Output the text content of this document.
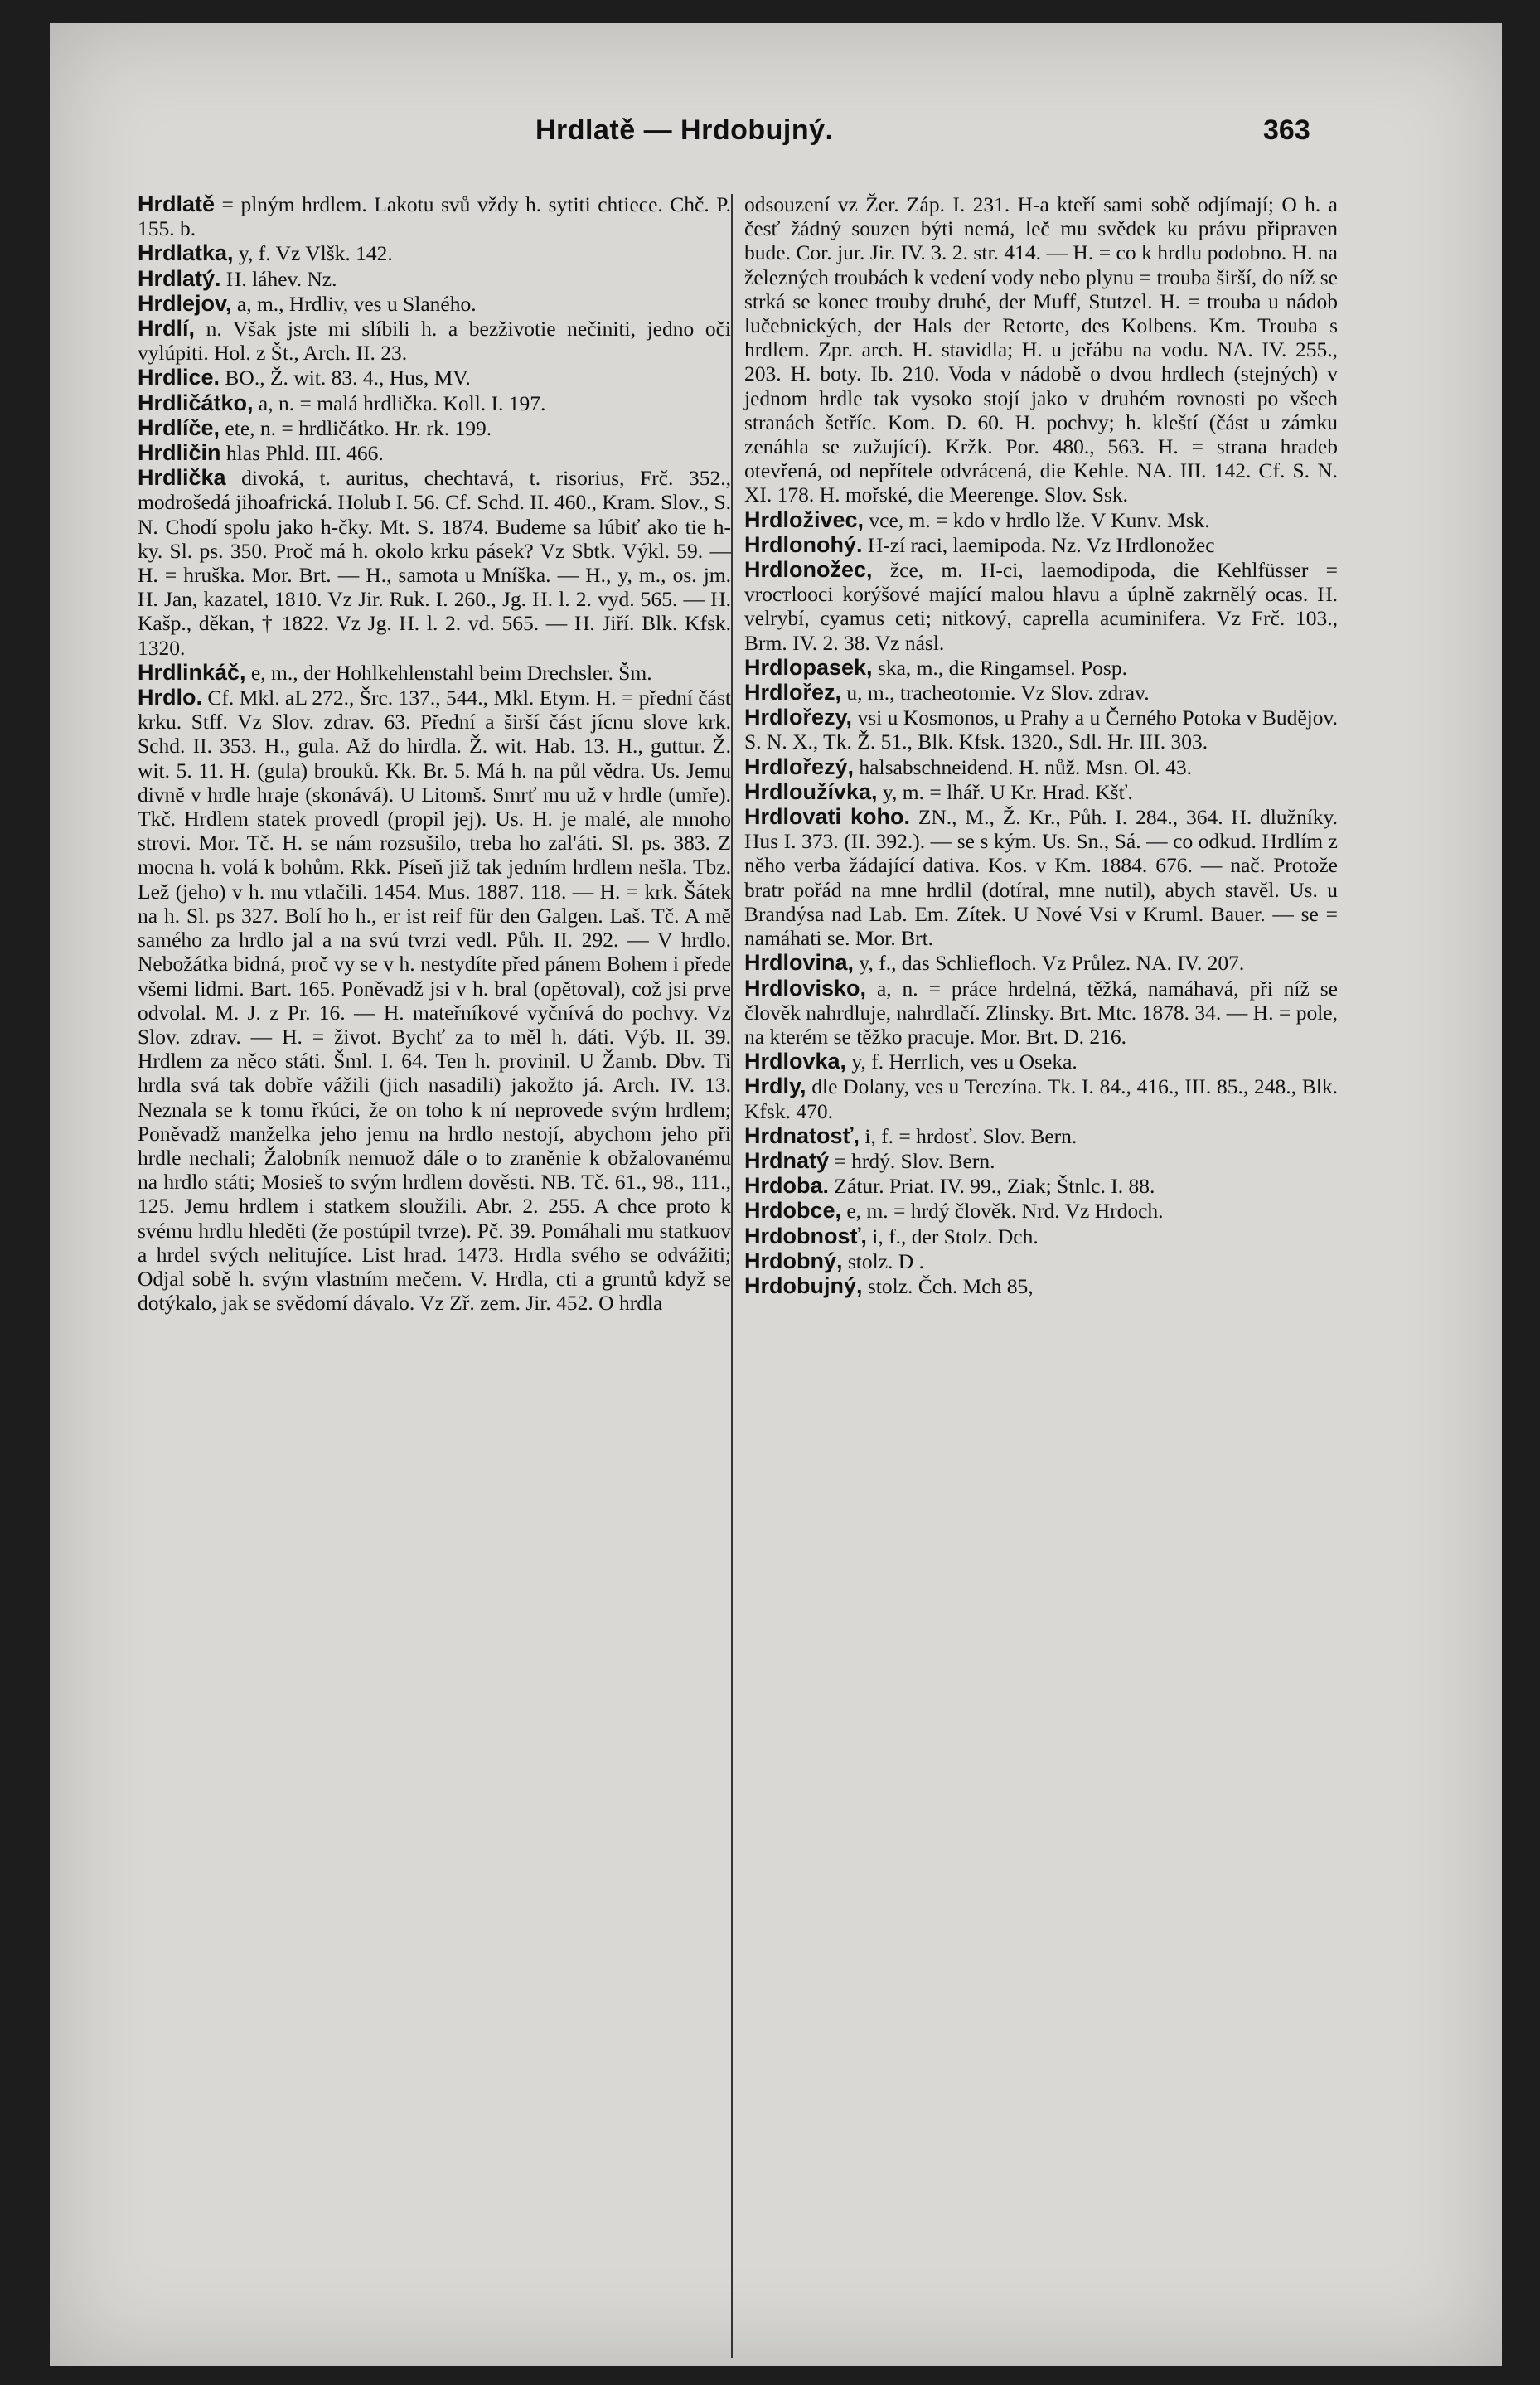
Hrdlatě — Hrdobujný.	363

Hrdlatě = plným hrdlem. Lakotu svů vždy h. sytiti chtiece. Chč. P. 155. b.

Hrdlatka, y, f. Vz Vlšk. 142.

Hrdlatý. H. láhev. Nz.

Hrdlejov, a, m., Hrdliv, ves u Slaného.

Hrdlí, n. Však jste mi slíbili h. a bezživotie nečiniti, jedno oči vylúpiti. Hol. z Št., Arch. II. 23.

Hrdlice. BO., Ž. wit. 83. 4., Hus, MV.

Hrdličátko, a, n. = malá hrdlička. Koll. I. 197.

Hrdlíče, ete, n. = hrdličátko. Hr. rk. 199.

Hrdličin hlas Phld. III. 466.

Hrdlička divoká, t. auritus, chechtavá, t. risorius, Frč. 352., modrošedá jihoafrická. Holub I. 56. Cf. Schd. II. 460., Kram. Slov., S. N. Chodí spolu jako h-čky. Mt. S. 1874. Budeme sa lúbiť ako tie h-ky. Sl. ps. 350. Proč má h. okolo krku pásek? Vz Sbtk. Výkl. 59. — H. = hruška. Mor. Brt. — H., samota u Mníška. — H., y, m., os. jm. H. Jan, kazatel, 1810. Vz Jir. Ruk. I. 260., Jg. H. l. 2. vyd. 565. — H. Kašp., děkan, † 1822. Vz Jg. H. l. 2. vd. 565. — H. Jiří. Blk. Kfsk. 1320.

Hrdlinkáč, e, m., der Hohlkehlenstahl beim Drechsler. Šm.

Hrdlo. Cf. Mkl. aL 272., Šrc. 137., 544., Mkl. Etym. H. = přední část krku. Stff. Vz Slov. zdrav. 63. Přední a širší část jícnu slove krk. Schd. II. 353. H., gula. Až do hirdla. Ž. wit. Hab. 13. H., guttur. Ž. wit. 5. 11. H. (gula) brouků. Kk. Br. 5. Má h. na půl vědra. Us. Jemu divně v hrdle hraje (skonává). U Litomš. Smrť mu už v hrdle (umře). Tkč. Hrdlem statek provedl (propil jej). Us. H. je malé, ale mnoho strovi. Mor. Tč. H. se nám rozsušilo, treba ho zal'áti. Sl. ps. 383. Z mocna h. volá k bohům. Rkk. Píseň již tak jedním hrdlem nešla. Tbz. Lež (jeho) v h. mu vtlačili. 1454. Mus. 1887. 118. — H. = krk. Šátek na h. Sl. ps 327. Bolí ho h., er ist reif für den Galgen. Laš. Tč. A mě samého za hrdlo jal a na svú tvrzi vedl. Půh. II. 292. — V hrdlo. Nebožátka bidná, proč vy se v h. nestydíte před pánem Bohem i přede všemi lidmi. Bart. 165. Poněvadž jsi v h. bral (opětoval), což jsi prve odvolal. M. J. z Pr. 16. — H. mateřníkové vyčnívá do pochvy. Vz Slov. zdrav. — H. = život. Bychť za to měl h. dáti. Výb. II. 39. Hrdlem za něco státi. Šml. I. 64. Ten h. provinil. U Žamb. Dbv. Ti hrdla svá tak dobře vážili (jich nasadili) jakožto já. Arch. IV. 13. Neznala se k tomu řkúci, že on toho k ní neprovede svým hrdlem; Poněvadž manželka jeho jemu na hrdlo nestojí, abychom jeho při hrdle nechali; Žalobník nemuož dále o to zraněnie k obžalovanému na hrdlo státi; Mosieš to svým hrdlem dověsti. NB. Tč. 61., 98., 111., 125. Jemu hrdlem i statkem sloužili. Abr. 2. 255. A chce proto k svému hrdlu hleděti (že postúpil tvrze). Pč. 39. Pomáhali mu statkuov a hrdel svých nelitujíce. List hrad. 1473. Hrdla svého se odvážiti; Odjal sobě h. svým vlastním mečem. V. Hrdla, cti a gruntů když se dotýkalo, jak se svědomí dávalo. Vz Zř. zem. Jir. 452. O hrdla

odsouzení vz Žer. Záp. I. 231. H-a kteří sami sobě odjímají; O h. a česť žádný souzen býti nemá, leč mu svědek ku právu připraven bude. Cor. jur. Jir. IV. 3. 2. str. 414. — H. = co k hrdlu podobno. H. na železných troubách k vedení vody nebo plynu = trouba širší, do níž se strká se konec trouby druhé, der Muff, Stutzel. H. = trouba u nádob lučebnických, der Hals der Retorte, des Kolbens. Km. Trouba s hrdlem. Zpr. arch. H. stavidla; H. u jeřábu na vodu. NA. IV. 255., 203. H. boty. Ib. 210. Voda v nádobě o dvou hrdlech (stejných) v jednom hrdle tak vysoko stojí jako v druhém rovnosti po všech stranách šetříc. Kom. D. 60. H. pochvy; h. kleští (část u zámku zenáhla se zužující). Kržk. Por. 480., 563. H. = strana hradeb otevřená, od nepřítele odvrácená, die Kehle. NA. III. 142. Cf. S. N. XI. 178. H. mořské, die Meerenge. Slov. Ssk.

Hrdloživec, vce, m. = kdo v hrdlo lže. V Kunv. Msk.

Hrdlonohý. H-zí raci, laemipoda. Nz. Vz Hrdlonožec

Hrdlonožec, žce, m. H-ci, laemodipoda, die Kehlfüsser = vroстlooci korýšové mající malou hlavu a úplně zakrnělý ocas. H. velrybí, cyamus ceti; nitkový, caprella acuminifera. Vz Frč. 103., Brm. IV. 2. 38. Vz násl.

Hrdlopasek, ska, m., die Ringamsel. Posp.

Hrdlořez, u, m., tracheotomie. Vz Slov. zdrav.

Hrdlořezy, vsi u Kosmonos, u Prahy a u Černého Potoka v Budějov. S. N. X., Tk. Ž. 51., Blk. Kfsk. 1320., Sdl. Hr. III. 303.

Hrdlořezý, halsabschneidend. H. nůž. Msn. Ol. 43.

Hrdloužívka, y, m. = lhář. U Kr. Hrad. Kšť.

Hrdlovati koho. ZN., M., Ž. Kr., Půh. I. 284., 364. H. dlužníky. Hus I. 373. (II. 392.). — se s kým. Us. Sn., Sá. — co odkud. Hrdlím z něho verba žádající dativa. Kos. v Km. 1884. 676. — nač. Protože bratr pořád na mne hrdlil (dotíral, mne nutil), abych stavěl. Us. u Brandýsa nad Lab. Em. Zítek. U Nové Vsi v Kruml. Bauer. — se = namáhati se. Mor. Brt.

Hrdlovina, y, f., das Schliefloch. Vz Průlez. NA. IV. 207.

Hrdlovisko, a, n. = práce hrdelná, těžká, namáhavá, při níž se člověk nahrdluje, nahrdlačí. Zlinsky. Brt. Mtc. 1878. 34. — H. = pole, na kterém se těžko pracuje. Mor. Brt. D. 216.

Hrdlovka, y, f. Herrlich, ves u Oseka.

Hrdly, dle Dolany, ves u Terezína. Tk. I. 84., 416., III. 85., 248., Blk. Kfsk. 470.

Hrdnatosť, i, f. = hrdosť. Slov. Bern.

Hrdnatý = hrdý. Slov. Bern.

Hrdoba. Zátur. Priat. IV. 99., Ziak; Štnlc. I. 88.

Hrdobce, e, m. = hrdý člověk. Nrd. Vz Hrdoch.

Hrdobnosť, i, f., der Stolz. Dch.

Hrdobný, stolz. D .

Hrdobujný, stolz. Čch. Mch 85,
